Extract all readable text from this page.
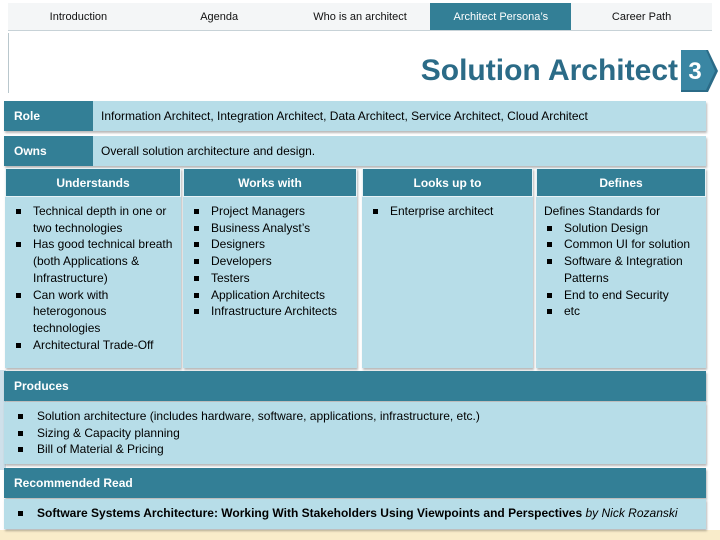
Introduction	Agenda	Who is an architect	Architect Persona’s	Career Path
Solution Architect 3
Role	Information Architect, Integration Architect, Data Architect, Service Architect, Cloud Architect
Owns	Overall solution architecture and design.
Understands
Technical depth in one or two technologies
Has good technical breath (both Applications & Infrastructure)
Can work with heterogonous technologies
Architectural Trade-Off
Works with
Project Managers
Business Analyst’s
Designers
Developers
Testers
Application Architects
Infrastructure Architects
Looks up to
Enterprise architect
Defines
Defines Standards for
Solution Design
Common UI for solution
Software & Integration Patterns
End to end Security
etc
Produces
Solution architecture (includes hardware, software, applications, infrastructure, etc.)
Sizing & Capacity planning
Bill of Material & Pricing
Recommended Read
Software Systems Architecture: Working With Stakeholders Using Viewpoints and Perspectives by Nick Rozanski
